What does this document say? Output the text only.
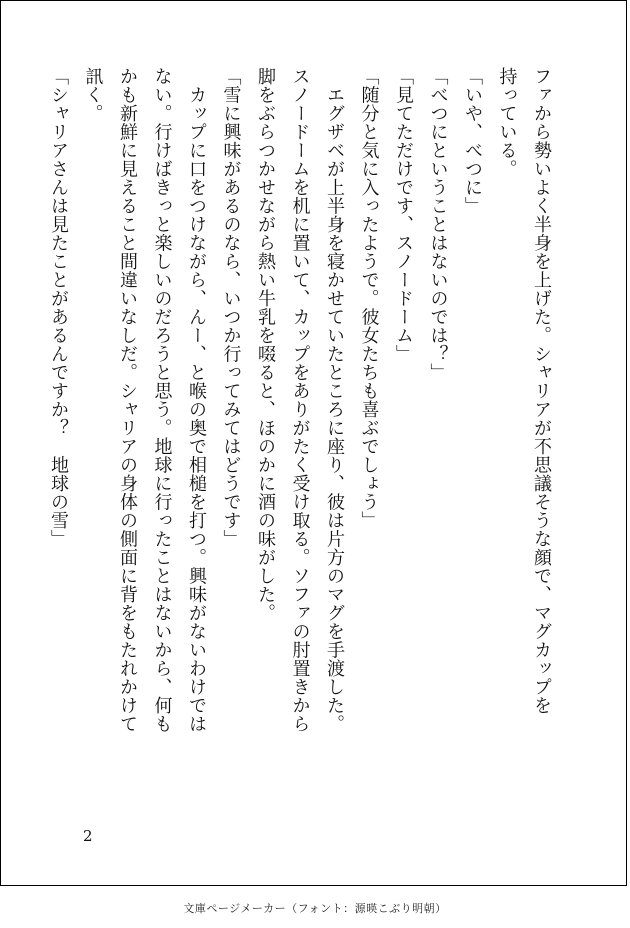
ファから勢いよく半身を上げた。シャリアが不思議そうな顔で、マグカップを
持っている。
「いや、べつに」
「べつにということはないのでは？」
「見てただけです、スノードーム」
「随分と気に入ったようで。彼女たちも喜ぶでしょう」
　エグザベが上半身を寝かせていたところに座り、彼は片方のマグを手渡した。
スノードームを机に置いて、カップをありがたく受け取る。ソファの肘置きから
脚をぶらつかせながら熱い牛乳を啜ると、ほのかに酒の味がした。
「雪に興味があるのなら、いつか行ってみてはどうです」
　カップに口をつけながら、んー、と喉の奥で相槌を打つ。興味がないわけでは
ない。行けばきっと楽しいのだろうと思う。地球に行ったことはないから、何も
かも新鮮に見えること間違いなしだ。シャリアの身体の側面に背をもたれかけて
訊く。
「シャリアさんは見たことがあるんですか？　地球の雪」
2
文庫ページメーカー（フォント：源暎こぶり明朝）
